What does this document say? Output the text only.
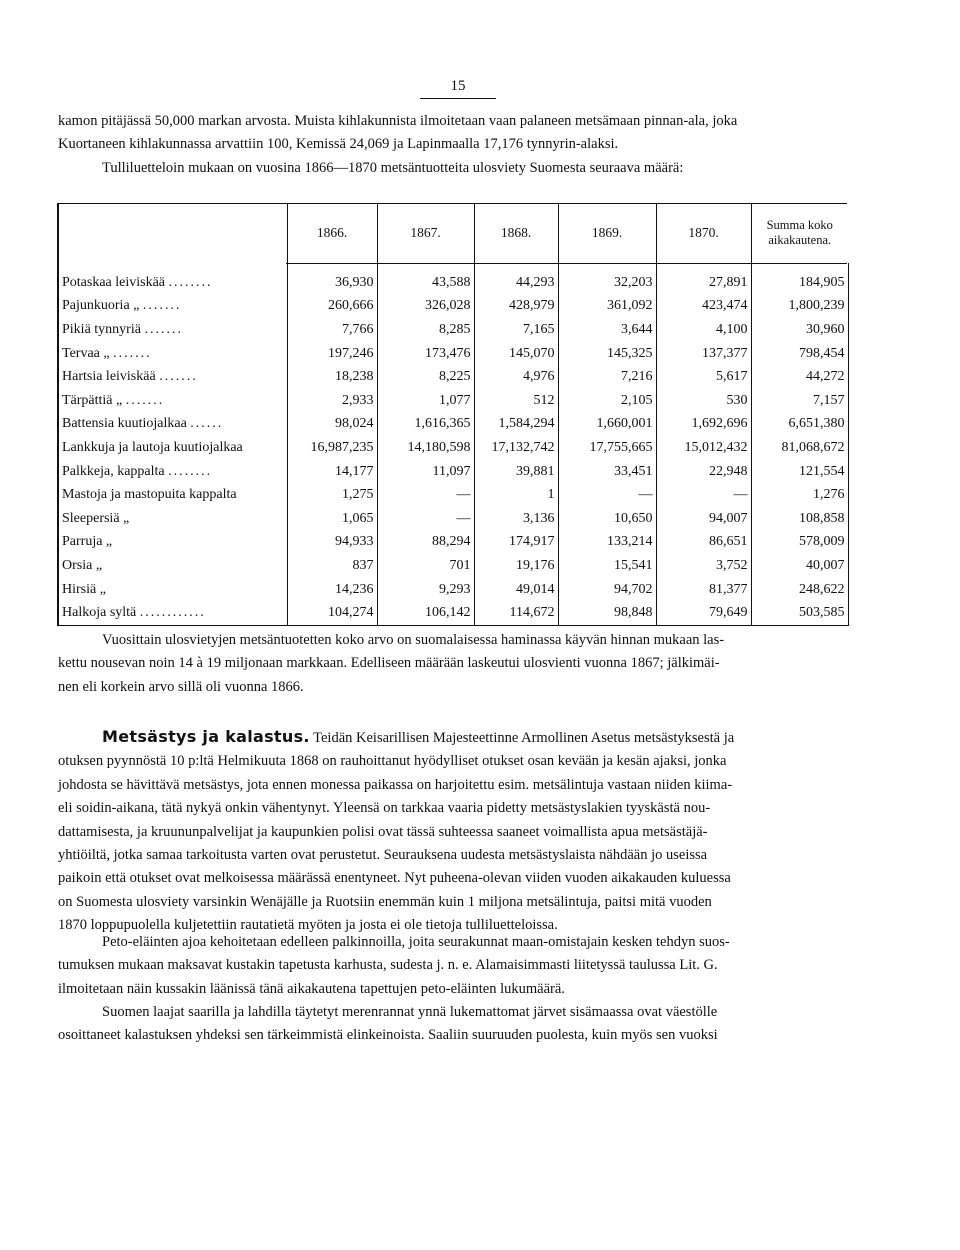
15

kamon pitäjässä 50,000 markan arvosta. Muista kihlakunnista ilmoitetaan vaan palaneen metsämaan pinnan-ala, joka
Kuortaneen kihlakunnassa arvattiin 100, Kemissä 24,069 ja Lapinmaalla 17,176 tynnyrin-alaksi.
Tulliluetteloin mukaan on vuosina 1866—1870 metsäntuotteita ulosviety Suomesta seuraava määrä:

	1866.	1867.	1868.	1869.	1870.	Summa koko
aikakautena.
Potaskaa leiviskää ........	36,930	43,588	44,293	32,203	27,891	184,905
Pajunkuoria „ .......	260,666	326,028	428,979	361,092	423,474	1,800,239
Pikiä tynnyriä .......	7,766	8,285	7,165	3,644	4,100	30,960
Tervaa „ .......	197,246	173,476	145,070	145,325	137,377	798,454
Hartsia leiviskää .......	18,238	8,225	4,976	7,216	5,617	44,272
Tärpättiä „ .......	2,933	1,077	512	2,105	530	7,157
Battensia kuutiojalkaa ......	98,024	1,616,365	1,584,294	1,660,001	1,692,696	6,651,380
Lankkuja ja lautoja kuutiojalkaa	16,987,235	14,180,598	17,132,742	17,755,665	15,012,432	81,068,672
Palkkeja, kappalta ........	14,177	11,097	39,881	33,451	22,948	121,554
Mastoja ja mastopuita kappalta	1,275	—	1	—	—	1,276
Sleepersiä „	1,065	—	3,136	10,650	94,007	108,858
Parruja „	94,933	88,294	174,917	133,214	86,651	578,009
Orsia „	837	701	19,176	15,541	3,752	40,007
Hirsiä „	14,236	9,293	49,014	94,702	81,377	248,622
Halkoja syltä ............	104,274	106,142	114,672	98,848	79,649	503,585

Vuosittain ulosvietyjen metsäntuotetten koko arvo on suomalaisessa haminassa käyvän hinnan mukaan las-
kettu nousevan noin 14 à 19 miljonaan markkaan. Edelliseen määrään laskeutui ulosvienti vuonna 1867; jälkimäi-
nen eli korkein arvo sillä oli vuonna 1866.

Metsästys ja kalastus. Teidän Keisarillisen Majesteettinne Armollinen Asetus metsästyksestä ja
otuksen pyynnöstä 10 p:ltä Helmikuuta 1868 on rauhoittanut hyödylliset otukset osan kevään ja kesän ajaksi, jonka
johdosta se hävittävä metsästys, jota ennen monessa paikassa on harjoitettu esim. metsälintuja vastaan niiden kiima-
eli soidin-aikana, tätä nykyä onkin vähentynyt. Yleensä on tarkkaa vaaria pidetty metsästyslakien tyyskästä nou-
dattamisesta, ja kruununpalvelijat ja kaupunkien polisi ovat tässä suhteessa saaneet voimallista apua metsästäjä-
yhtiöiltä, jotka samaa tarkoitusta varten ovat perustetut. Seurauksena uudesta metsästyslaista nähdään jo useissa
paikoin että otukset ovat melkoisessa määrässä enentyneet. Nyt puheena-olevan viiden vuoden aikakauden kuluessa
on Suomesta ulosviety varsinkin Wenäjälle ja Ruotsiin enemmän kuin 1 miljona metsälintuja, paitsi mitä vuoden
1870 loppupuolella kuljetettiin rautatietä myöten ja josta ei ole tietoja tulliluetteloissa.

Peto-eläinten ajoa kehoitetaan edelleen palkinnoilla, joita seurakunnat maan-omistajain kesken tehdyn suos-
tumuksen mukaan maksavat kustakin tapetusta karhusta, sudesta j. n. e. Alamaisimmasti liitetyssä taulussa Lit. G.
ilmoitetaan näin kussakin läänissä tänä aikakautena tapettujen peto-eläinten lukumäärä.

Suomen laajat saarilla ja lahdilla täytetyt merenrannat ynnä lukemattomat järvet sisämaassa ovat väestölle
osoittaneet kalastuksen yhdeksi sen tärkeimmistä elinkeinoista. Saaliin suuruuden puolesta, kuin myös sen vuoksi
